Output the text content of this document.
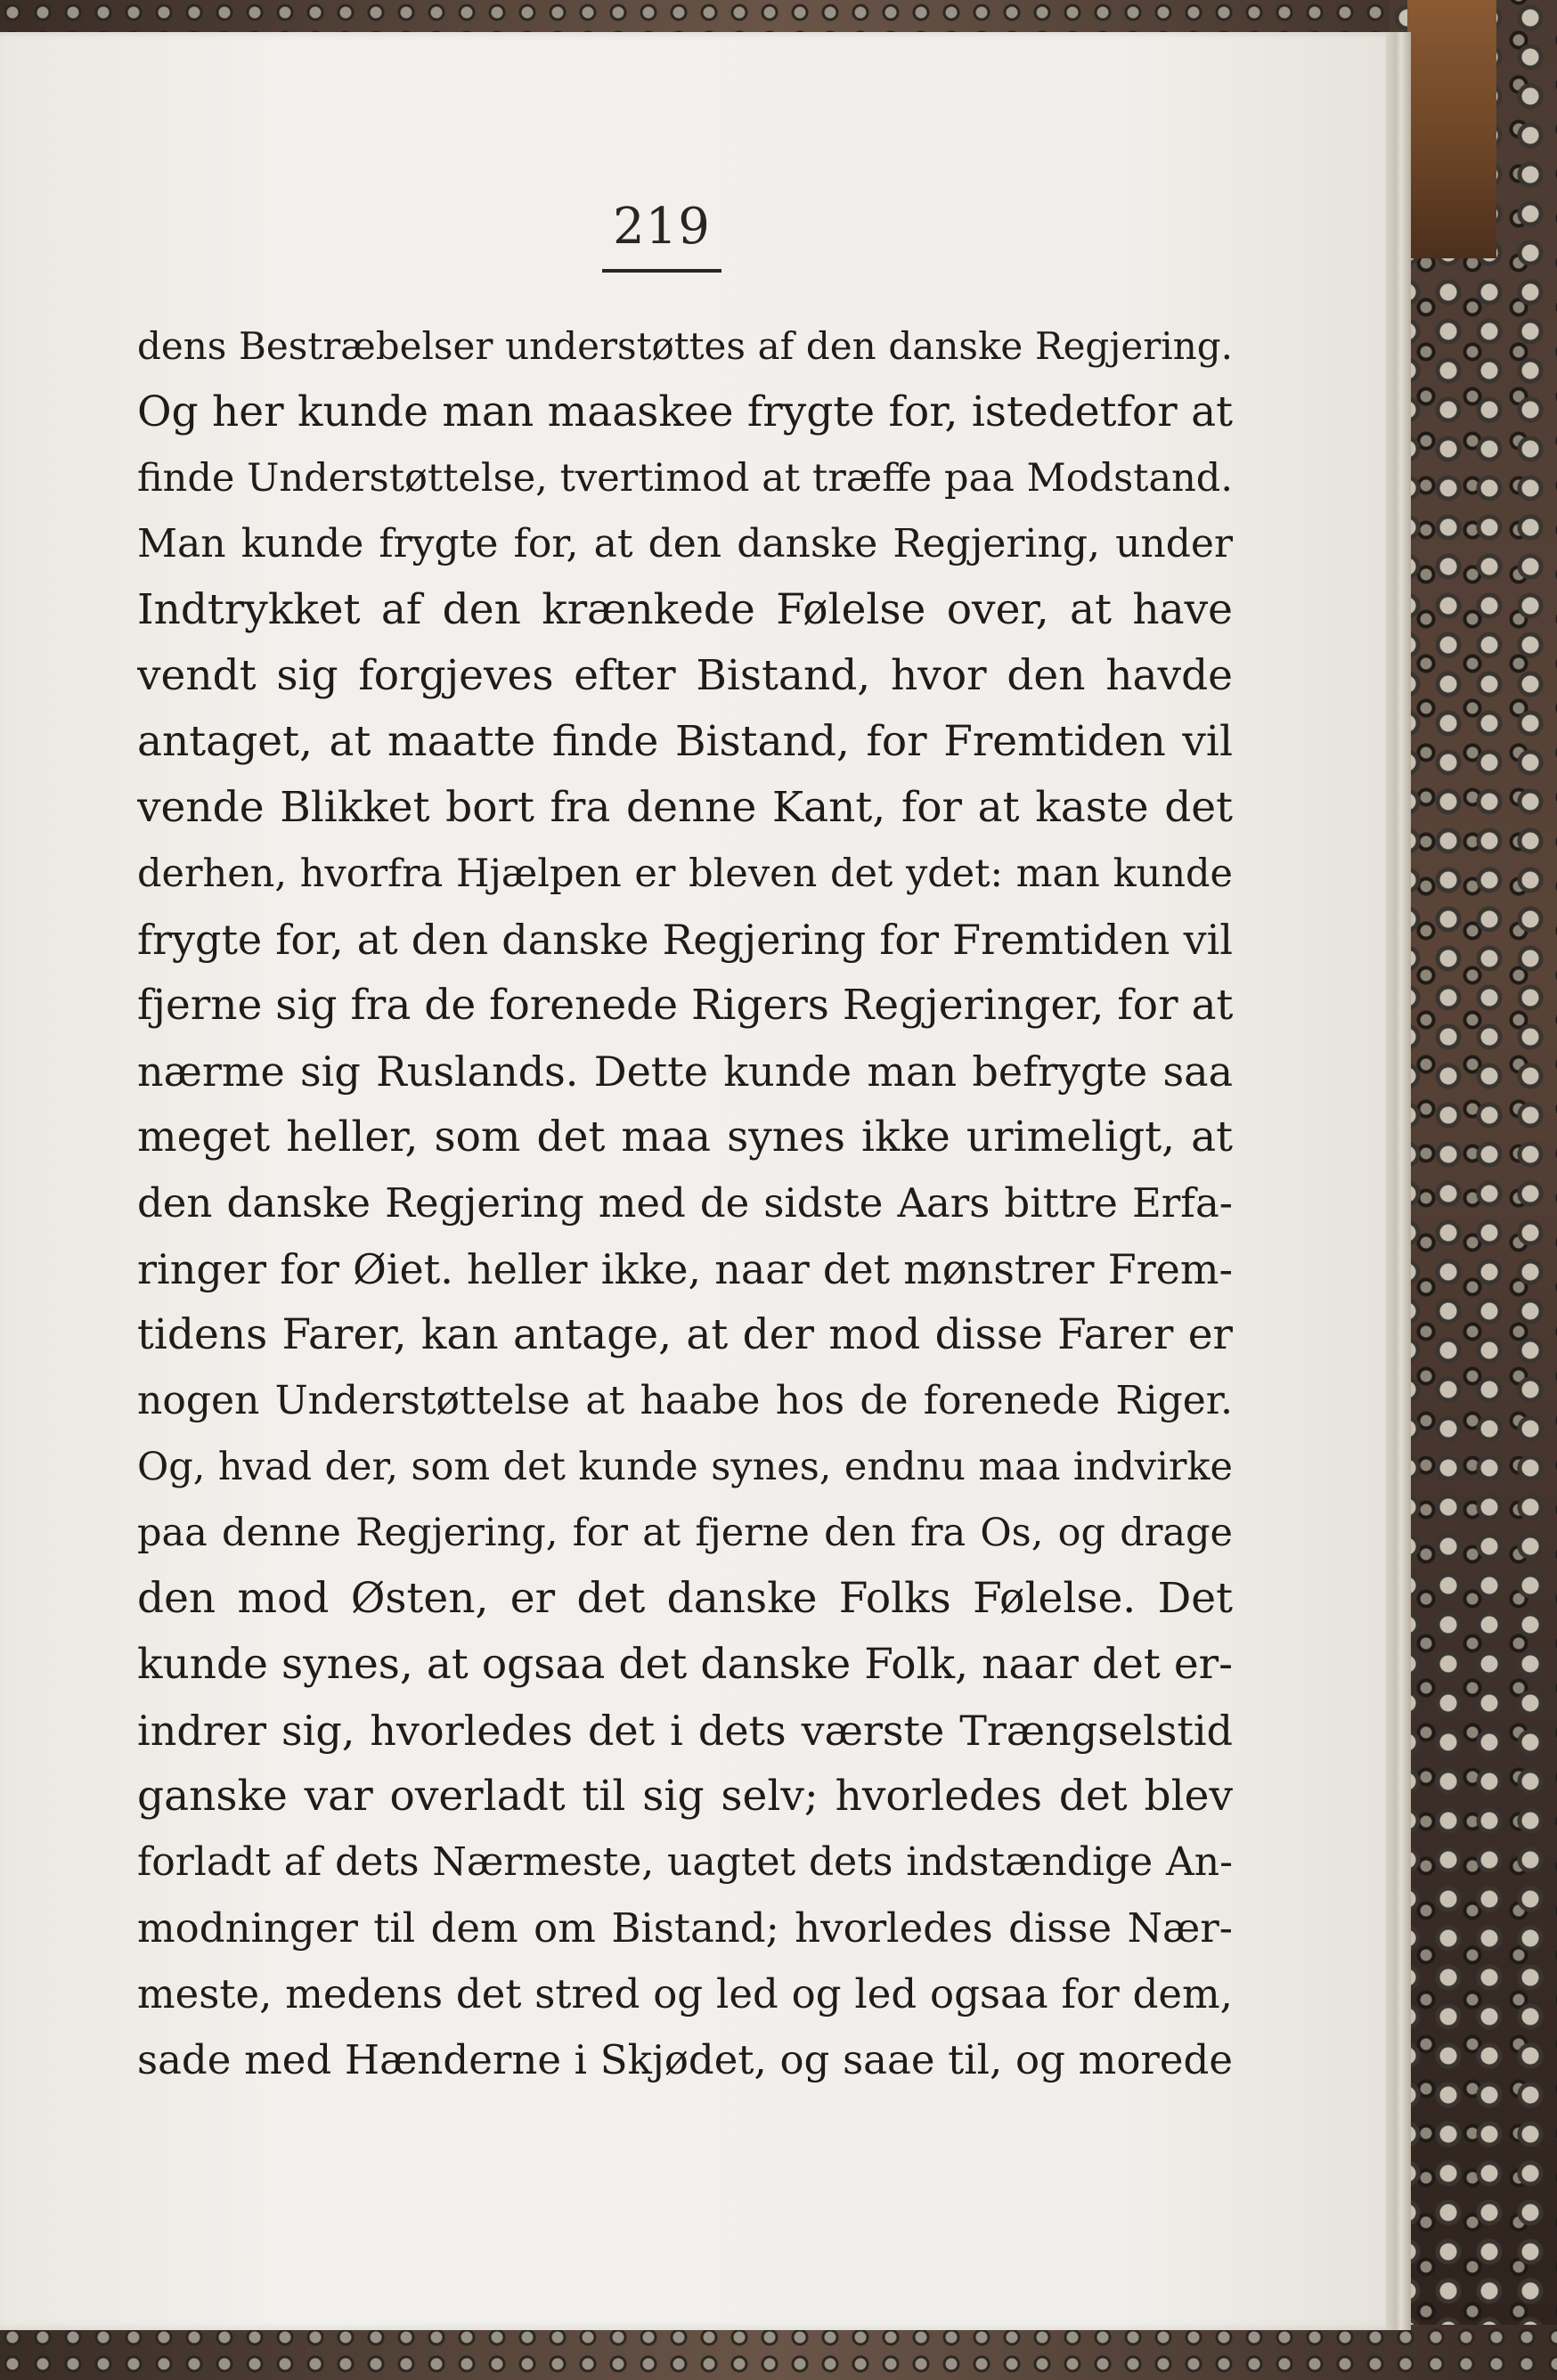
219
dens Bestræbelser understøttes af den danske Regjering.
Og her kunde man maaskee frygte for, istedetfor at
finde Understøttelse, tvertimod at træffe paa Modstand.
Man kunde frygte for, at den danske Regjering, under
Indtrykket af den krænkede Følelse over, at have
vendt sig forgjeves efter Bistand, hvor den havde
antaget, at maatte finde Bistand, for Fremtiden vil
vende Blikket bort fra denne Kant, for at kaste det
derhen, hvorfra Hjælpen er bleven det ydet: man kunde
frygte for, at den danske Regjering for Fremtiden vil
fjerne sig fra de forenede Rigers Regjeringer, for at
nærme sig Ruslands. Dette kunde man befrygte saa
meget heller, som det maa synes ikke urimeligt, at
den danske Regjering med de sidste Aars bittre Erfa-
ringer for Øiet. heller ikke, naar det mønstrer Frem-
tidens Farer, kan antage, at der mod disse Farer er
nogen Understøttelse at haabe hos de forenede Riger.
Og, hvad der, som det kunde synes, endnu maa indvirke
paa denne Regjering, for at fjerne den fra Os, og drage
den mod Østen, er det danske Folks Følelse. Det
kunde synes, at ogsaa det danske Folk, naar det er-
indrer sig, hvorledes det i dets værste Trængselstid
ganske var overladt til sig selv; hvorledes det blev
forladt af dets Nærmeste, uagtet dets indstændige An-
modninger til dem om Bistand; hvorledes disse Nær-
meste, medens det stred og led og led ogsaa for dem,
sade med Hænderne i Skjødet, og saae til, og morede
